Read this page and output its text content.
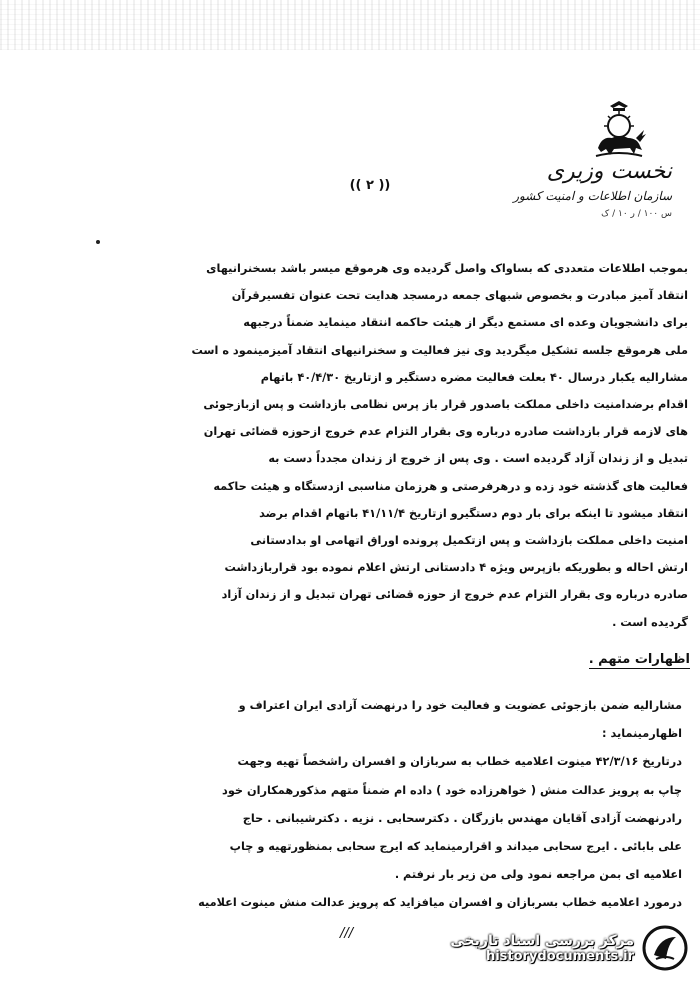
نخست وزیری
سازمان اطلاعات و امنیت کشور
س ۱۰۰ / ر ۱۰ / ک
(( ۲ ))
بموجب اطلاعات متعددی که بساواک واصل گردیده وی هرموقع میسر باشد بسخنرانیهای
انتقاد آمیز مبادرت و بخصوص شبهای جمعه درمسجد هدایت تحت عنوان تفسیرقرآن
برای دانشجویان وعده ای مستمع دیگر از هیئت حاکمه انتقاد مینماید ضمناً درجبهه
ملی هرموقع جلسه تشکیل میگردید وی نیز فعالیت و سخنرانیهای انتقاد آمیزمینمود ه است
مشارالیه یکبار درسال ۴۰ بعلت فعالیت مضره دستگیر و ازتاریخ ۴۰/۴/۳۰ باتهام
اقدام برضدامنیت داخلی مملکت باصدور قرار باز پرس نظامی بازداشت و پس ازبازجوئی
های لازمه قرار بازداشت صادره درباره وی بقرار التزام عدم خروج ازحوزه قضائی تهران
تبدیل و از زندان آزاد گردیده است . وی پس از خروج از زندان مجدداً دست به
فعالیت های گذشته خود زده و درهرفرصتی و هرزمان مناسبی ازدستگاه و هیئت حاکمه
انتقاد میشود تا اینکه برای بار دوم دستگیرو ازتاریخ ۴۱/۱۱/۴ باتهام اقدام برضد
امنیت داخلی مملکت بازداشت و پس ازتکمیل پرونده اوراق اتهامی او بدادستانی
ارتش احاله و بطوریکه بازپرس ویژه ۴ دادستانی ارتش اعلام نموده بود قراربازداشت
صادره درباره وی بقرار التزام عدم خروج از حوزه قضائی تهران تبدیل و از زندان آزاد
گردیده است .
اظهارات متهم .
مشارالیه ضمن بازجوئی عضویت و فعالیت خود را درنهضت آزادی ایران اعتراف و
اظهارمینماید :
درتاریخ ۴۲/۳/۱۶ مینوت اعلامیه خطاب به سربازان و افسران راشخصاً تهیه وجهت
چاپ به پرویز عدالت منش ( خواهرزاده خود ) داده ام ضمناً متهم مذکورهمکاران خود
رادرنهضت آزادی آقایان مهندس بازرگان . دکترسحابی . نزیه . دکترشیبانی . حاج
علی بابائی . ایرج سحابی میداند و اقرارمینماید که ایرج سحابی بمنظورتهیه و چاپ
اعلامیه ای بمن مراجعه نمود ولی من زیر بار نرفتم .
درمورد اعلامیه خطاب بسربازان و افسران میافزاید که پرویز عدالت منش مینوت اعلامیه
///	مرکز بررسی اسناد تاریخی
historydocuments.ir
